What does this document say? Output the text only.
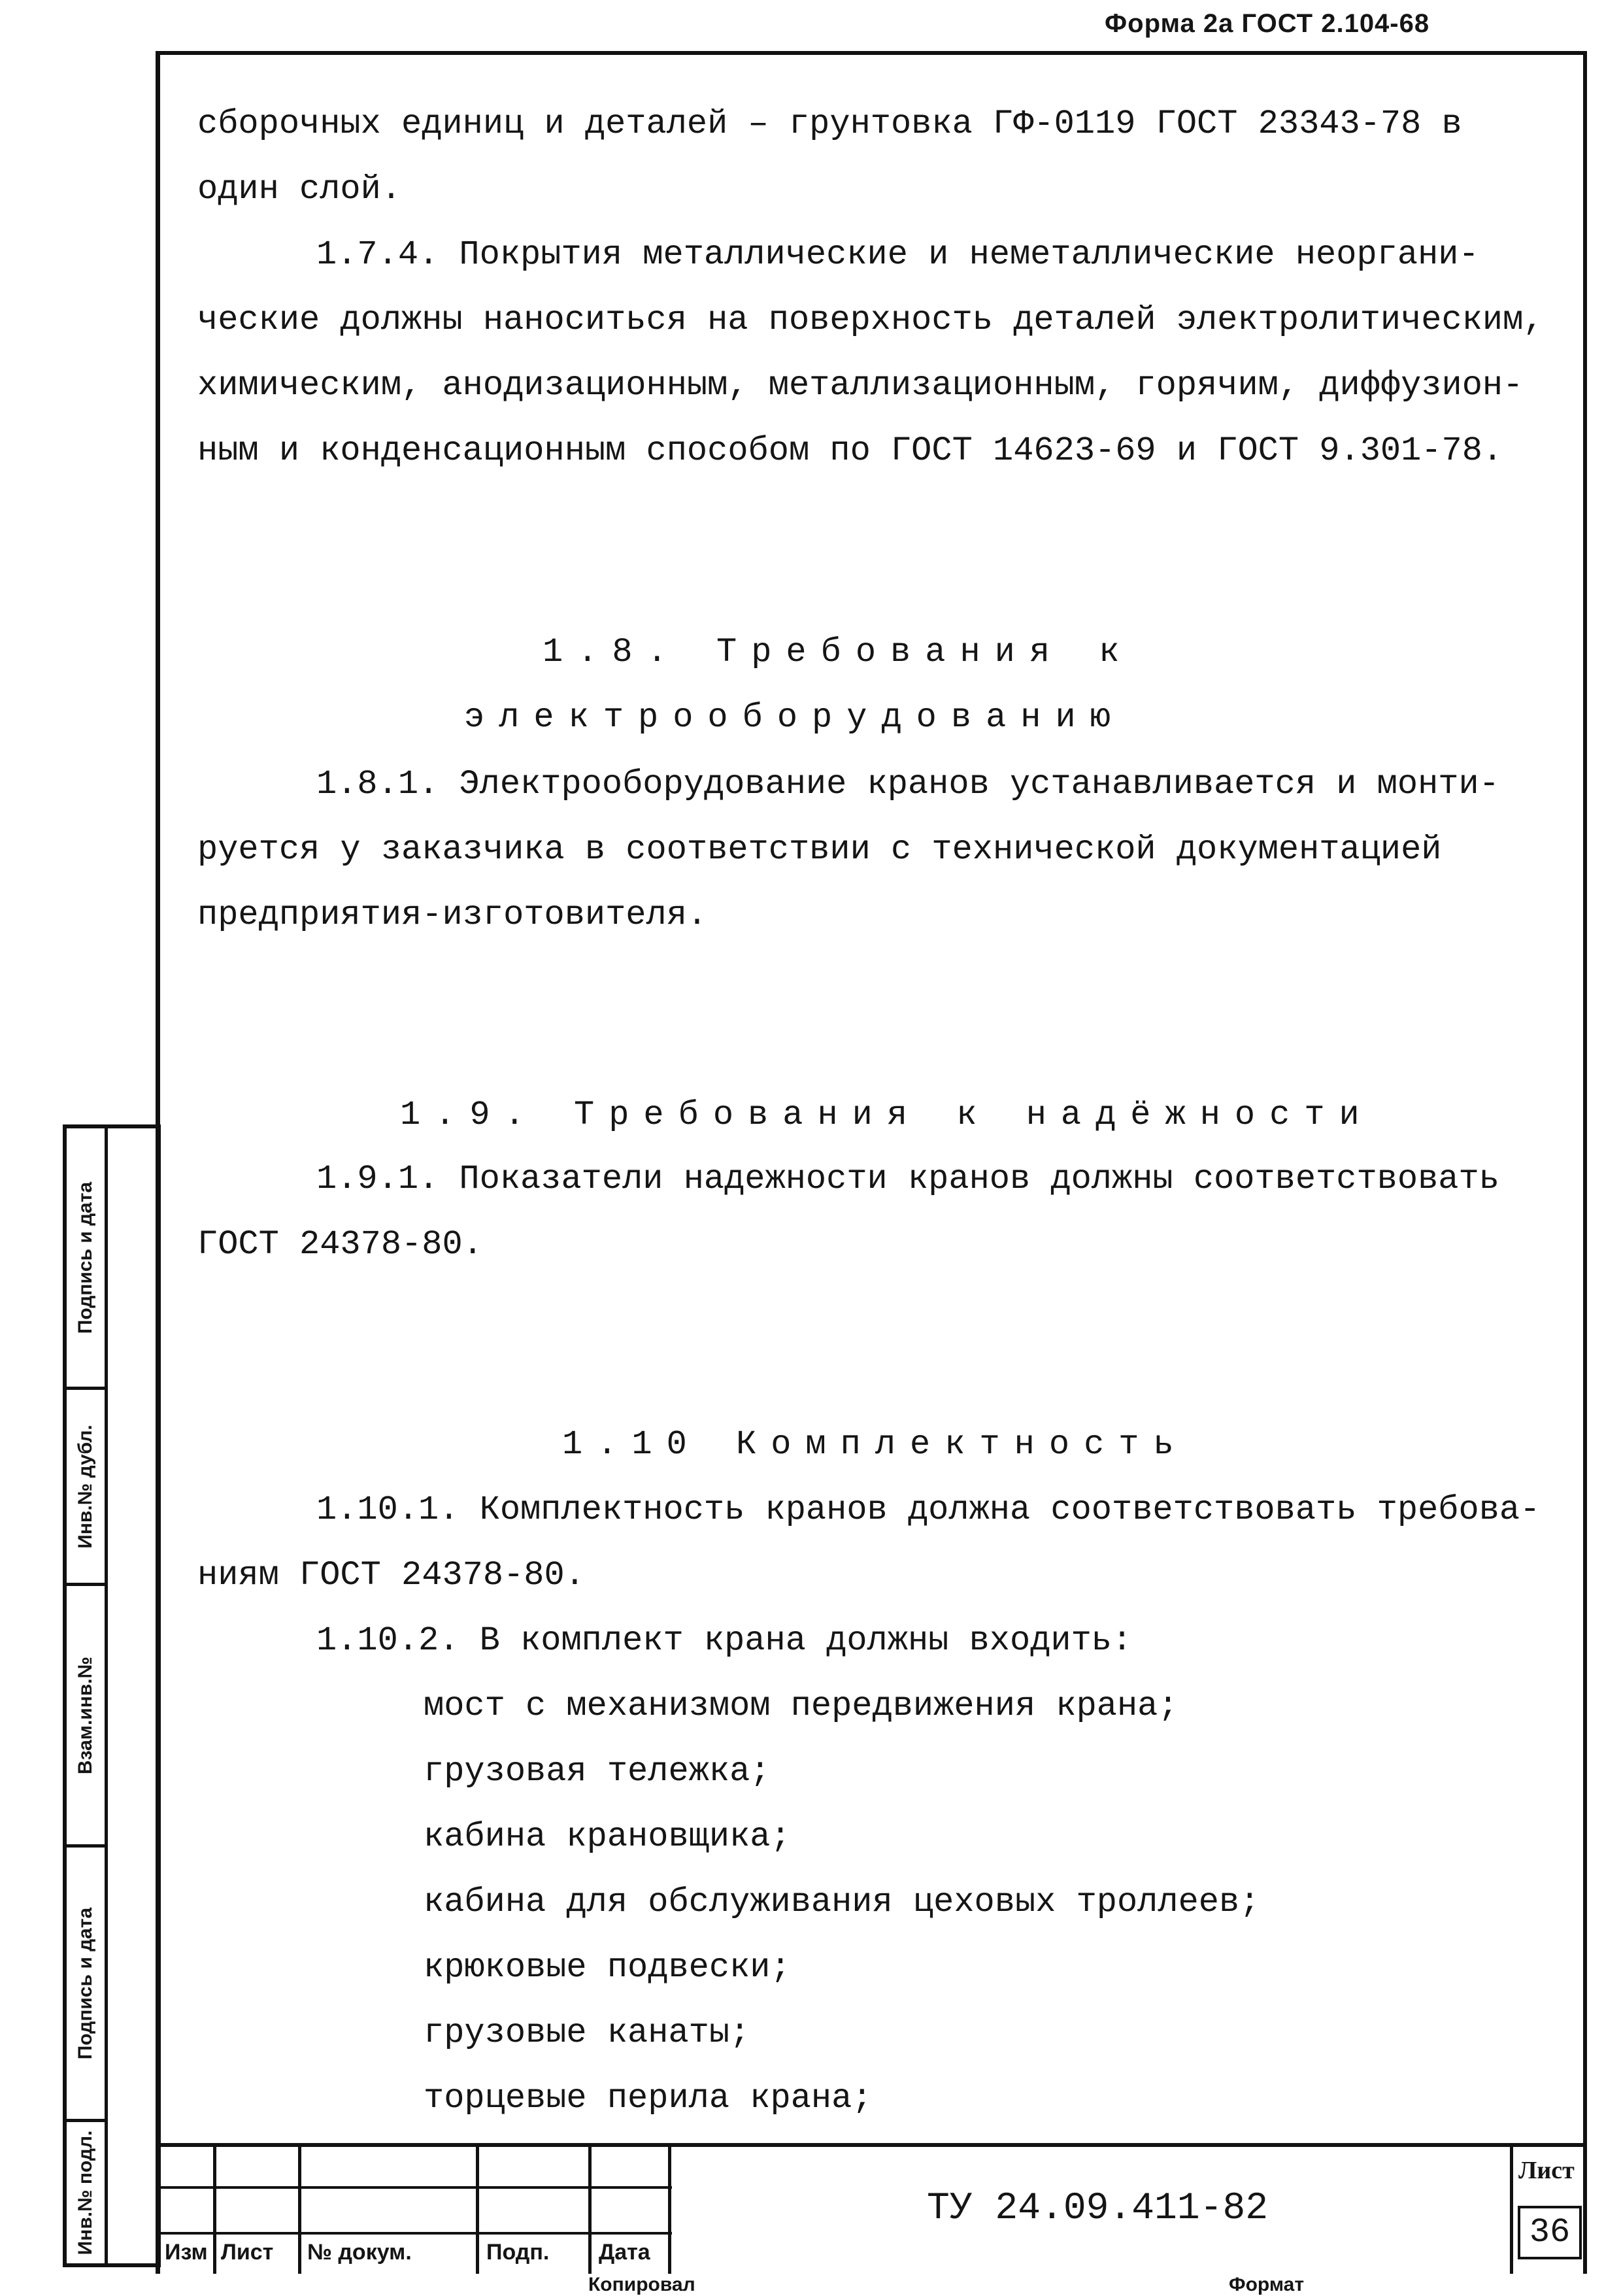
Форма 2а ГОСТ 2.104-68
сборочных единиц и деталей – грунтовка ГФ-0119 ГОСТ 23343-78 в
один слой.
1.7.4. Покрытия металлические и неметаллические неоргани-
ческие должны наноситься на поверхность деталей электролитическим,
химическим, анодизационным, металлизационным, горячим, диффузион-
ным и конденсационным способом по ГОСТ 14623-69 и ГОСТ 9.301-78.
1.8. Требования к
электрооборудованию
1.8.1. Электрооборудование кранов устанавливается и монти-
руется у заказчика в соответствии с технической документацией
предприятия-изготовителя.
1.9. Требования к надёжности
1.9.1. Показатели надежности кранов должны соответствовать
ГОСТ 24378-80.
1.10 Комплектность
1.10.1. Комплектность кранов должна соответствовать требова-
ниям ГОСТ 24378-80.
1.10.2. В комплект крана должны входить:
мост с механизмом передвижения крана;
грузовая тележка;
кабина крановщика;
кабина для обслуживания цеховых троллеев;
крюковые подвески;
грузовые канаты;
торцевые перила крана;
Подпись и дата
Инв.№ дубл.
Взам.инв.№
Подпись и дата
Инв.№ подл.	Изм Лист № докум.	Подп. Дата
ТУ 24.09.411-82
Лист
36
Копировал	Формат
